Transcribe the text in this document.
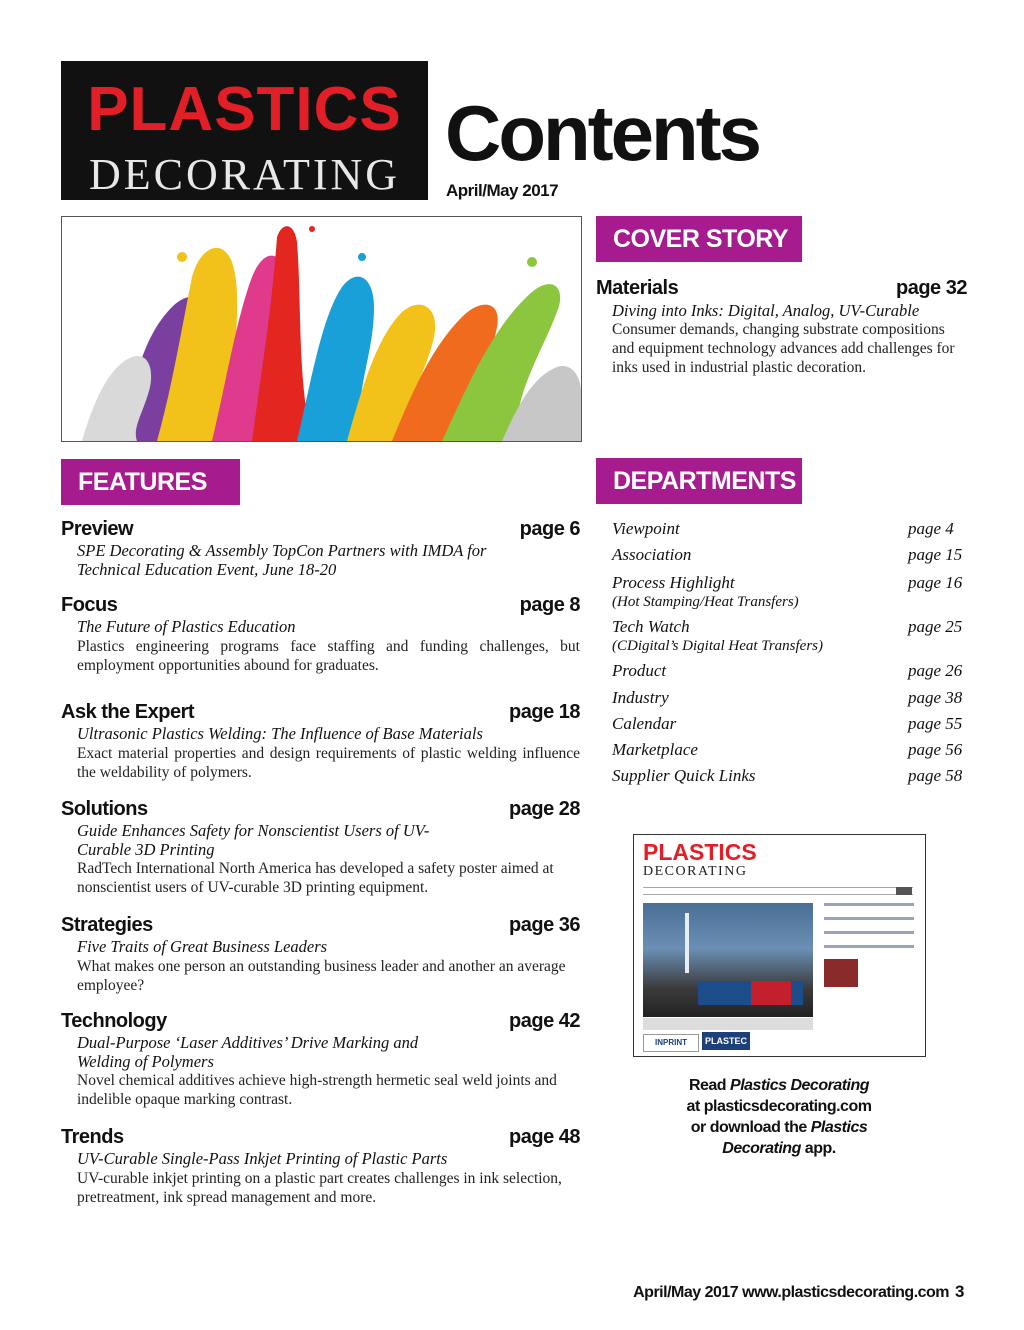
PLASTICS
DECORATING Contents
April/May 2017
COVER STORY
Materials	page 32
Diving into Inks: Digital, Analog, UV-Curable
Consumer demands, changing substrate compositions and equipment technology advances add challenges for inks used in industrial plastic decoration.
FEATURES
Preview	page 6
SPE Decorating & Assembly TopCon Partners with IMDA for Technical Education Event, June 18-20
Focus	page 8
The Future of Plastics Education
Plastics engineering programs face staffing and funding challenges, but employment opportunities abound for graduates.
Ask the Expert	page 18
Ultrasonic Plastics Welding: The Influence of Base Materials
Exact material properties and design requirements of plastic welding influence the weldability of polymers.
Solutions	page 28
Guide Enhances Safety for Nonscientist Users of UV-Curable 3D Printing
RadTech International North America has developed a safety poster aimed at nonscientist users of UV-curable 3D printing equipment.
Strategies	page 36
Five Traits of Great Business Leaders
What makes one person an outstanding business leader and another an average employee?
Technology	page 42
Dual-Purpose ‘Laser Additives’ Drive Marking and Welding of Polymers
Novel chemical additives achieve high-strength hermetic seal weld joints and indelible opaque marking contrast.
Trends	page 48
UV-Curable Single-Pass Inkjet Printing of Plastic Parts
UV-curable inkjet printing on a plastic part creates challenges in ink selection, pretreatment, ink spread management and more.
DEPARTMENTS
Viewpoint	page 4
Association	page 15
Process Highlight	page 16
(Hot Stamping/Heat Transfers)
Tech Watch	page 25
(CDigital’s Digital Heat Transfers)
Product	page 26
Industry	page 38
Calendar	page 55
Marketplace	page 56
Supplier Quick Links	page 58
PLASTICS
DECORATING
INPRINT	PLASTEC
Read Plastics Decorating
at plasticsdecorating.com
or download the Plastics
Decorating app.
April/May 2017 www.plasticsdecorating.com 3
